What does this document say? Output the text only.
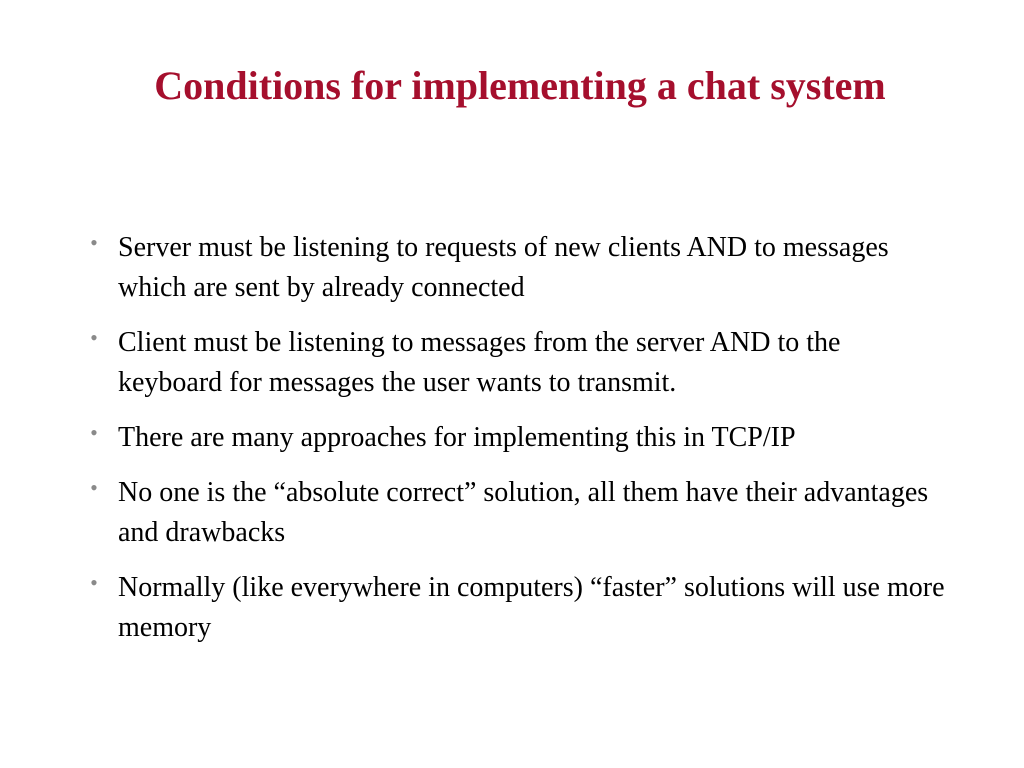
Conditions for implementing a chat system
•
Server must be listening to requests of new clients AND to messages which are sent by already connected
•
Client must be listening to messages from the server AND to the keyboard for messages the user wants to transmit.
•
There are many approaches for implementing this in TCP/IP
•
No one is the “absolute correct” solution, all them have their advantages and drawbacks
•
Normally (like everywhere in computers) “faster” solutions will use more memory
